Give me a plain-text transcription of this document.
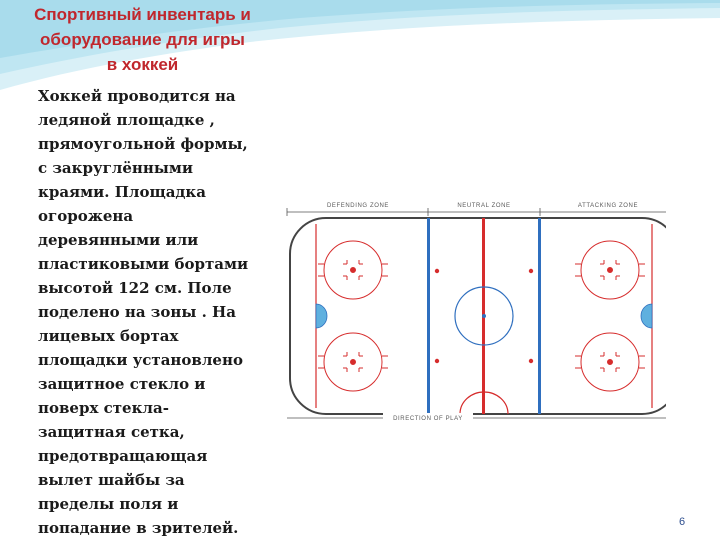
Спортивный инвентарь и
оборудование для игры
в хоккей
Хоккей проводится на
ледяной площадке ,
прямоугольной формы,
с закруглёнными
краями. Площадка
огорожена
деревянными или
пластиковыми бортами
высотой 122 см. Поле
поделено на зоны . На
лицевых бортах
площадки установлено
защитное стекло и
поверх стекла-
защитная сетка,
предотвращающая
вылет шайбы за
пределы поля и
попадание в зрителей.
DEFENDING ZONE	NEUTRAL ZONE	ATTACKING ZONE
DIRECTION OF PLAY
6
